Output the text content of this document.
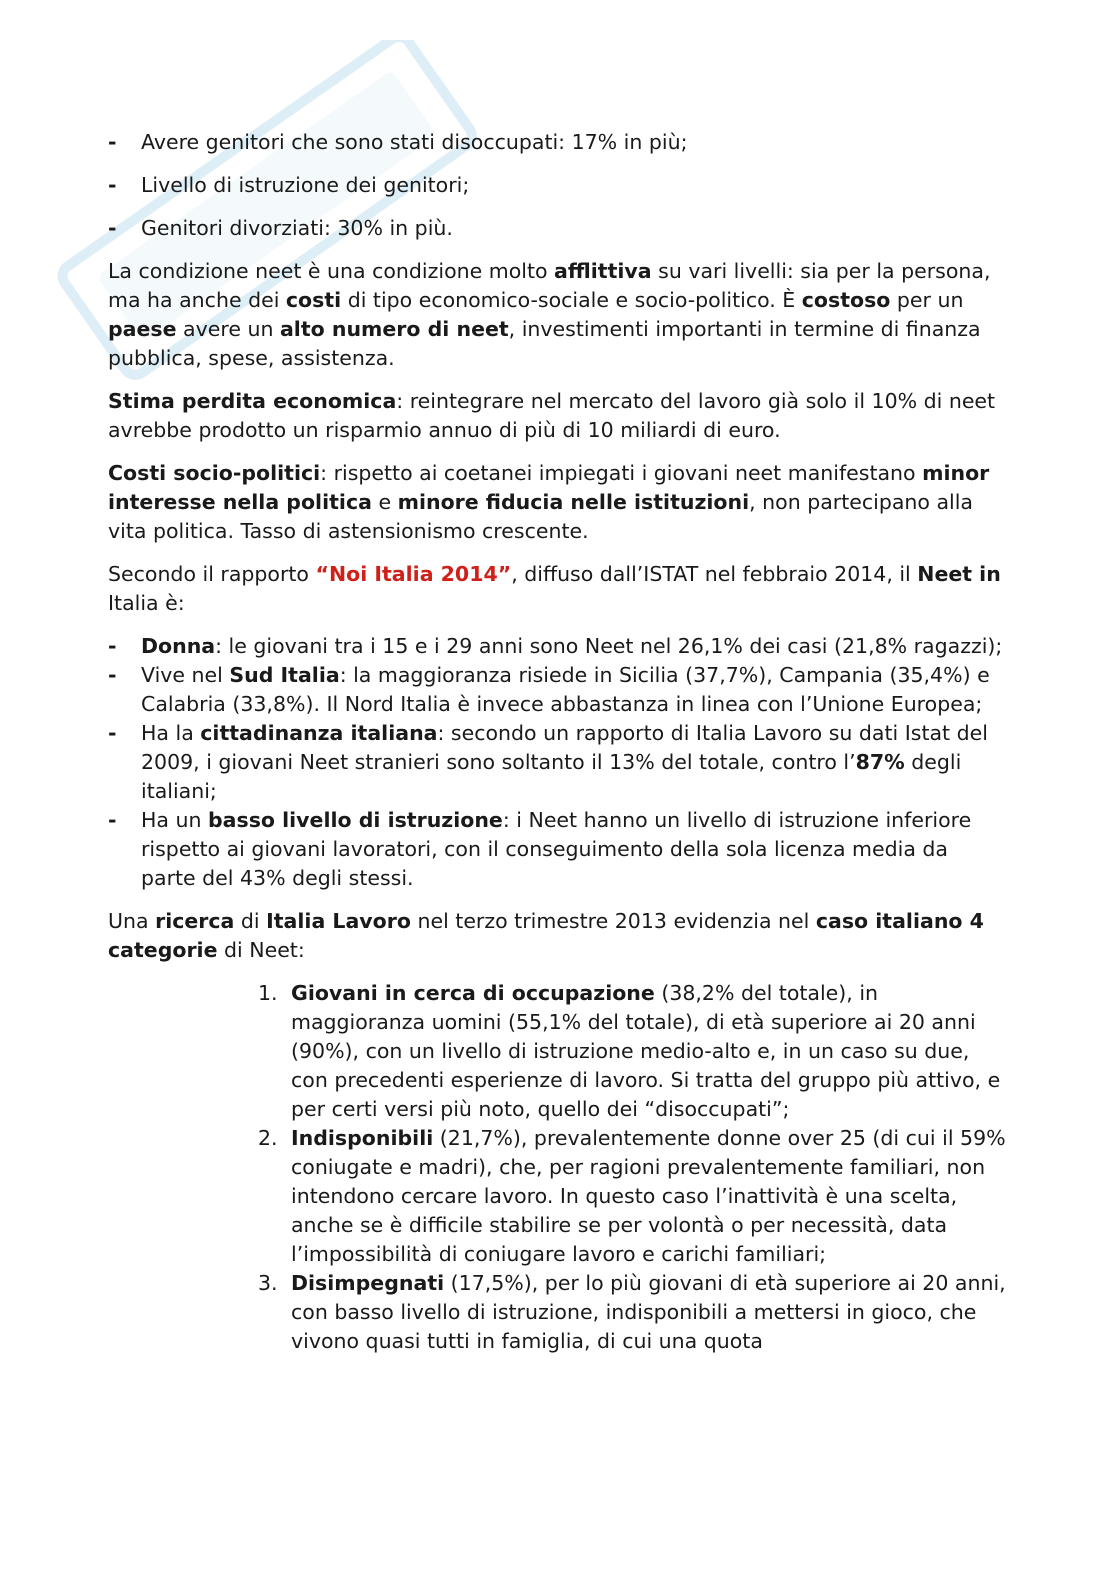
- Avere genitori che sono stati disoccupati: 17% in più;
- Livello di istruzione dei genitori;
- Genitori divorziati: 30% in più.

La condizione neet è una condizione molto afflittiva su vari livelli: sia per la persona, ma ha anche dei costi di tipo economico-sociale e socio-politico. È costoso per un paese avere un alto numero di neet, investimenti importanti in termine di finanza pubblica, spese, assistenza.

Stima perdita economica: reintegrare nel mercato del lavoro già solo il 10% di neet avrebbe prodotto un risparmio annuo di più di 10 miliardi di euro.

Costi socio-politici: rispetto ai coetanei impiegati i giovani neet manifestano minor interesse nella politica e minore fiducia nelle istituzioni, non partecipano alla vita politica. Tasso di astensionismo crescente.

Secondo il rapporto “Noi Italia 2014”, diffuso dall’ISTAT nel febbraio 2014, il Neet in Italia è:

- Donna: le giovani tra i 15 e i 29 anni sono Neet nel 26,1% dei casi (21,8% ragazzi);
- Vive nel Sud Italia: la maggioranza risiede in Sicilia (37,7%), Campania (35,4%) e Calabria (33,8%). Il Nord Italia è invece abbastanza in linea con l’Unione Europea;
- Ha la cittadinanza italiana: secondo un rapporto di Italia Lavoro su dati Istat del 2009, i giovani Neet stranieri sono soltanto il 13% del totale, contro l’87% degli italiani;
- Ha un basso livello di istruzione: i Neet hanno un livello di istruzione inferiore rispetto ai giovani lavoratori, con il conseguimento della sola licenza media da parte del 43% degli stessi.

Una ricerca di Italia Lavoro nel terzo trimestre 2013 evidenzia nel caso italiano 4 categorie di Neet:

1. Giovani in cerca di occupazione (38,2% del totale), in maggioranza uomini (55,1% del totale), di età superiore ai 20 anni (90%), con un livello di istruzione medio-alto e, in un caso su due, con precedenti esperienze di lavoro. Si tratta del gruppo più attivo, e per certi versi più noto, quello dei “disoccupati”;
2. Indisponibili (21,7%), prevalentemente donne over 25 (di cui il 59% coniugate e madri), che, per ragioni prevalentemente familiari, non intendono cercare lavoro. In questo caso l’inattività è una scelta, anche se è difficile stabilire se per volontà o per necessità, data l’impossibilità di coniugare lavoro e carichi familiari;
3. Disimpegnati (17,5%), per lo più giovani di età superiore ai 20 anni, con basso livello di istruzione, indisponibili a mettersi in gioco, che vivono quasi tutti in famiglia, di cui una quota
